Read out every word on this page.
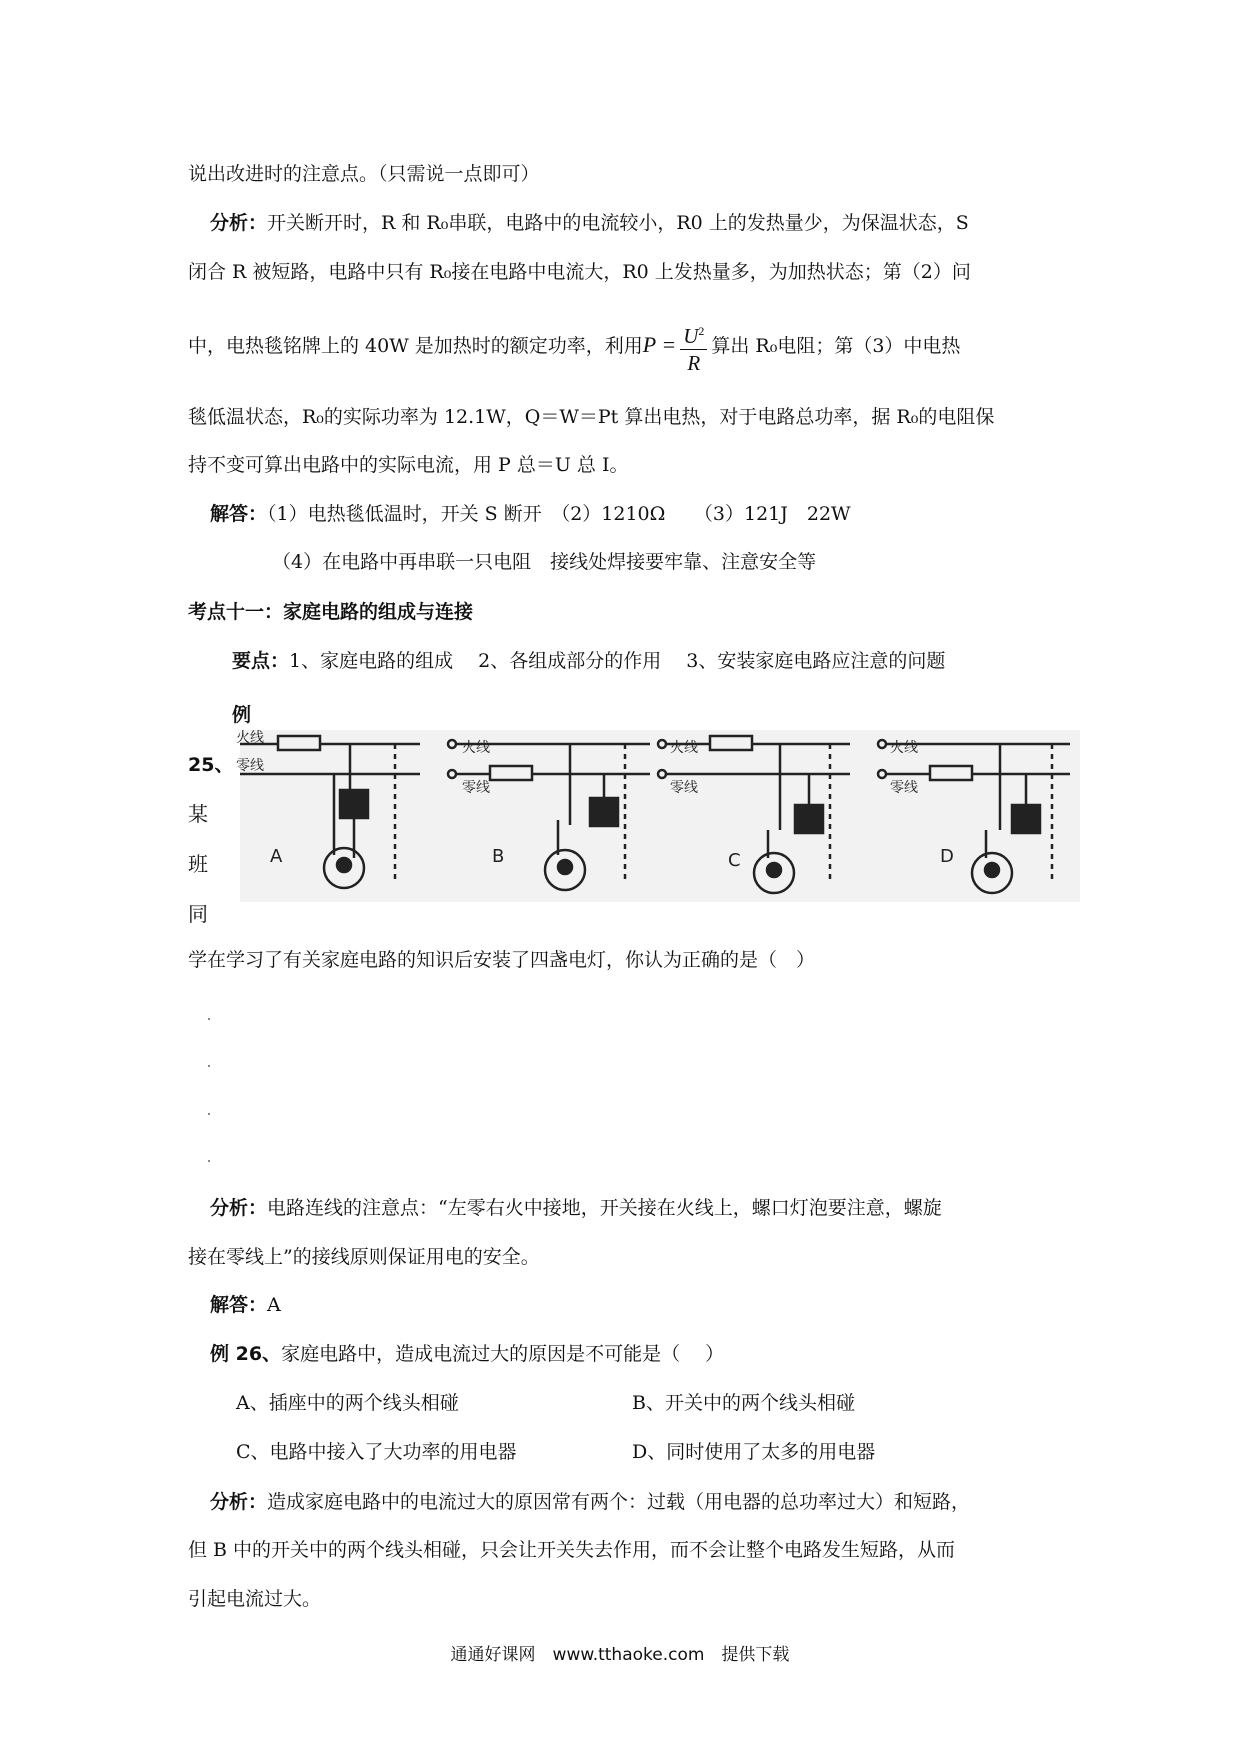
说出改进时的注意点。（只需说一点即可）
分析：开关断开时，R 和 R₀串联，电路中的电流较小，R0 上的发热量少，为保温状态，S
闭合 R 被短路，电路中只有 R₀接在电路中电流大，R0 上发热量多，为加热状态；第（2）问
中，电热毯铭牌上的 40W 是加热时的额定功率，利用$P = \frac{U^2}{R}$ 算出 R₀电阻；第（3）中电热
毯低温状态，R₀的实际功率为 12.1W，Q＝W＝Pt 算出电热，对于电路总功率，据 R₀的电阻保
持不变可算出电路中的实际电流，用 P 总＝U 总 I。
解答：（1）电热毯低温时，开关 S 断开　（2）1210Ω　　（3）121J　22W
（4）在电路中再串联一只电阻　接线处焊接要牢靠、注意安全等
考点十一：家庭电路的组成与连接
要点：1、家庭电路的组成　 2、各组成部分的作用　 3、安装家庭电路应注意的问题
例
25、
某
班
同
火线
零线
A
火线
零线
B
火线
零线
C
火线
零线
D
学在学习了有关家庭电路的知识后安装了四盏电灯，你认为正确的是（　）
分析：电路连线的注意点：“左零右火中接地，开关接在火线上，螺口灯泡要注意，螺旋
接在零线上”的接线原则保证用电的安全。
解答：A
例 26、家庭电路中，造成电流过大的原因是不可能是（　 ）
A、插座中的两个线头相碰	B、开关中的两个线头相碰
C、电路中接入了大功率的用电器	D、同时使用了太多的用电器
分析：造成家庭电路中的电流过大的原因常有两个：过载（用电器的总功率过大）和短路，
但 B 中的开关中的两个线头相碰，只会让开关失去作用，而不会让整个电路发生短路，从而
引起电流过大。
通通好课网　www.tthaoke.com　提供下载
